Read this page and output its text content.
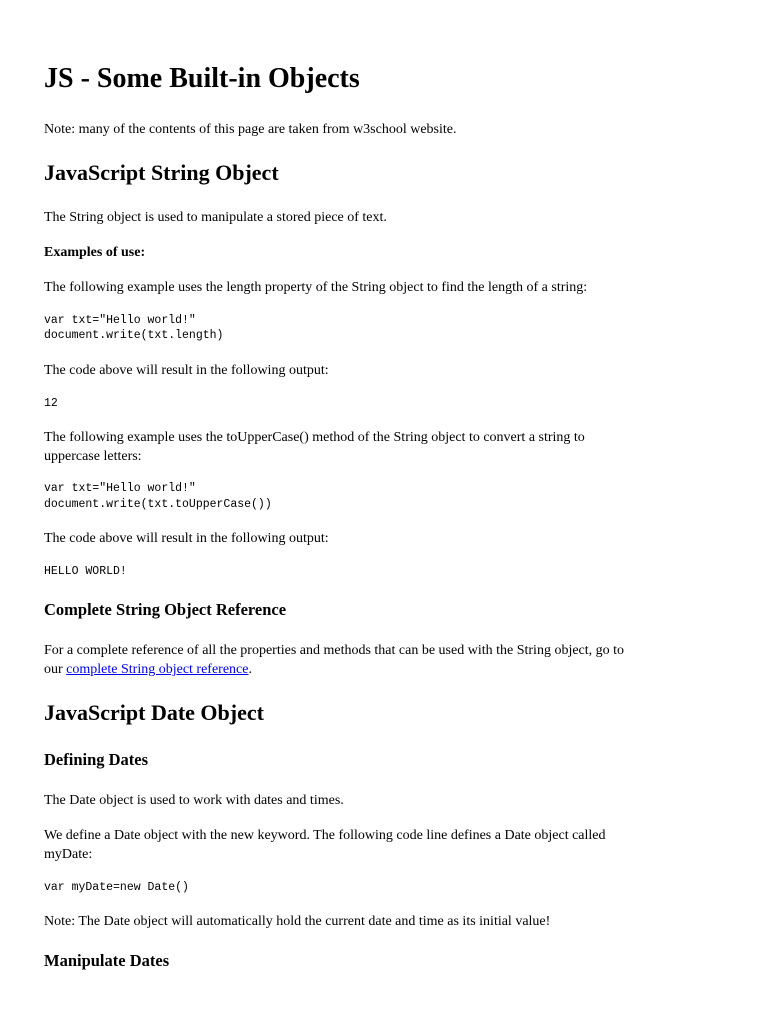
JS - Some Built-in Objects

Note: many of the contents of this page are taken from w3school website.

JavaScript String Object

The String object is used to manipulate a stored piece of text.

Examples of use:

The following example uses the length property of the String object to find the length of a string:

var txt="Hello world!"
document.write(txt.length)

The code above will result in the following output:

12

The following example uses the toUpperCase() method of the String object to convert a string to

uppercase letters:

var txt="Hello world!"
document.write(txt.toUpperCase())

The code above will result in the following output:

HELLO WORLD!
Complete String Object Reference

For a complete reference of all the properties and methods that can be used with the String object, go to

our complete String object reference.

JavaScript Date Object
Defining Dates

The Date object is used to work with dates and times.

We define a Date object with the new keyword. The following code line defines a Date object called

myDate:

var myDate=new Date()

Note: The Date object will automatically hold the current date and time as its initial value!

Manipulate Dates
